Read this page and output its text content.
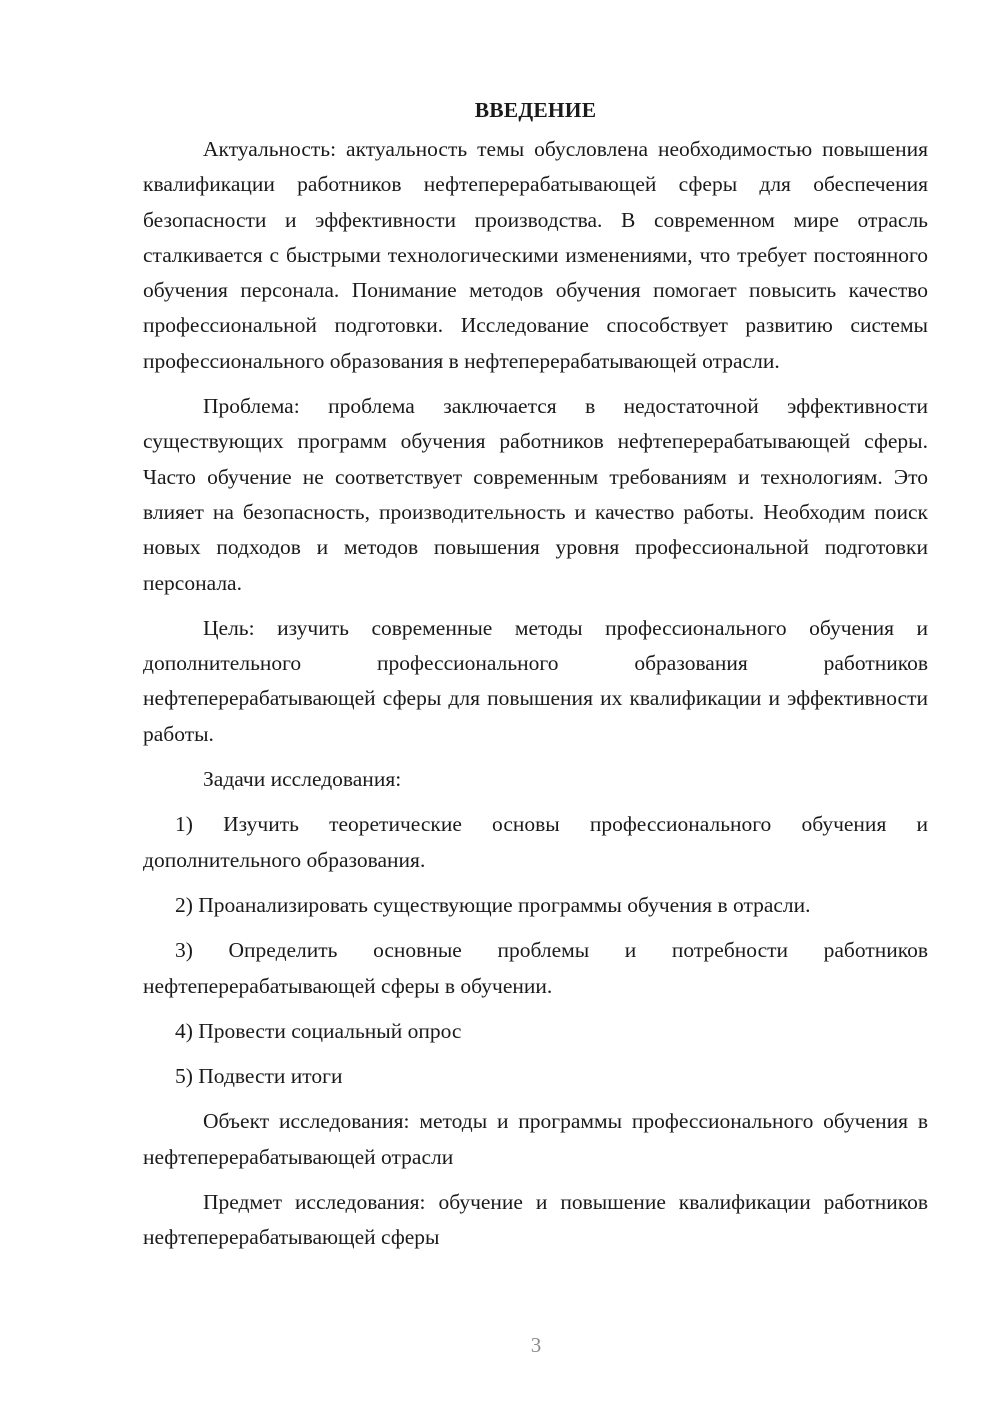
ВВЕДЕНИЕ

Актуальность: актуальность темы обусловлена необходимостью повышения квалификации работников нефтеперерабатывающей сферы для обеспечения безопасности и эффективности производства. В современном мире отрасль сталкивается с быстрыми технологическими изменениями, что требует постоянного обучения персонала. Понимание методов обучения помогает повысить качество профессиональной подготовки. Исследование способствует развитию системы профессионального образования в нефтеперерабатывающей отрасли.

Проблема: проблема заключается в недостаточной эффективности существующих программ обучения работников нефтеперерабатывающей сферы. Часто обучение не соответствует современным требованиям и технологиям. Это влияет на безопасность, производительность и качество работы. Необходим поиск новых подходов и методов повышения уровня профессиональной подготовки персонала.

Цель: изучить современные методы профессионального обучения и дополнительного профессионального образования работников нефтеперерабатывающей сферы для повышения их квалификации и эффективности работы.

Задачи исследования:

1) Изучить теоретические основы профессионального обучения и дополнительного образования.

2) Проанализировать существующие программы обучения в отрасли.

3) Определить основные проблемы и потребности работников нефтеперерабатывающей сферы в обучении.

4) Провести социальный опрос

5) Подвести итоги

Объект исследования: методы и программы профессионального обучения в нефтеперерабатывающей отрасли

Предмет исследования: обучение и повышение квалификации работников нефтеперерабатывающей сферы

3
